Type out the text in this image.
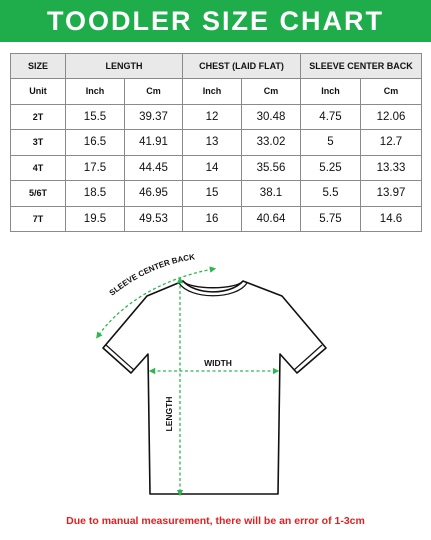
TOODLER SIZE CHART
SIZE	LENGTH		CHEST (LAID FLAT)		SLEEVE CENTER BACK	
Unit	Inch	Cm	Inch	Cm	Inch	Cm
2T	15.5	39.37	12	30.48	4.75	12.06
3T	16.5	41.91	13	33.02	5	12.7
4T	17.5	44.45	14	35.56	5.25	13.33
5/6T	18.5	46.95	15	38.1	5.5	13.97
7T	19.5	49.53	16	40.64	5.75	14.6
SLEEVE CENTER BACK
WIDTH
LENGTH
Due to manual measurement, there will be an error of 1-3cm
